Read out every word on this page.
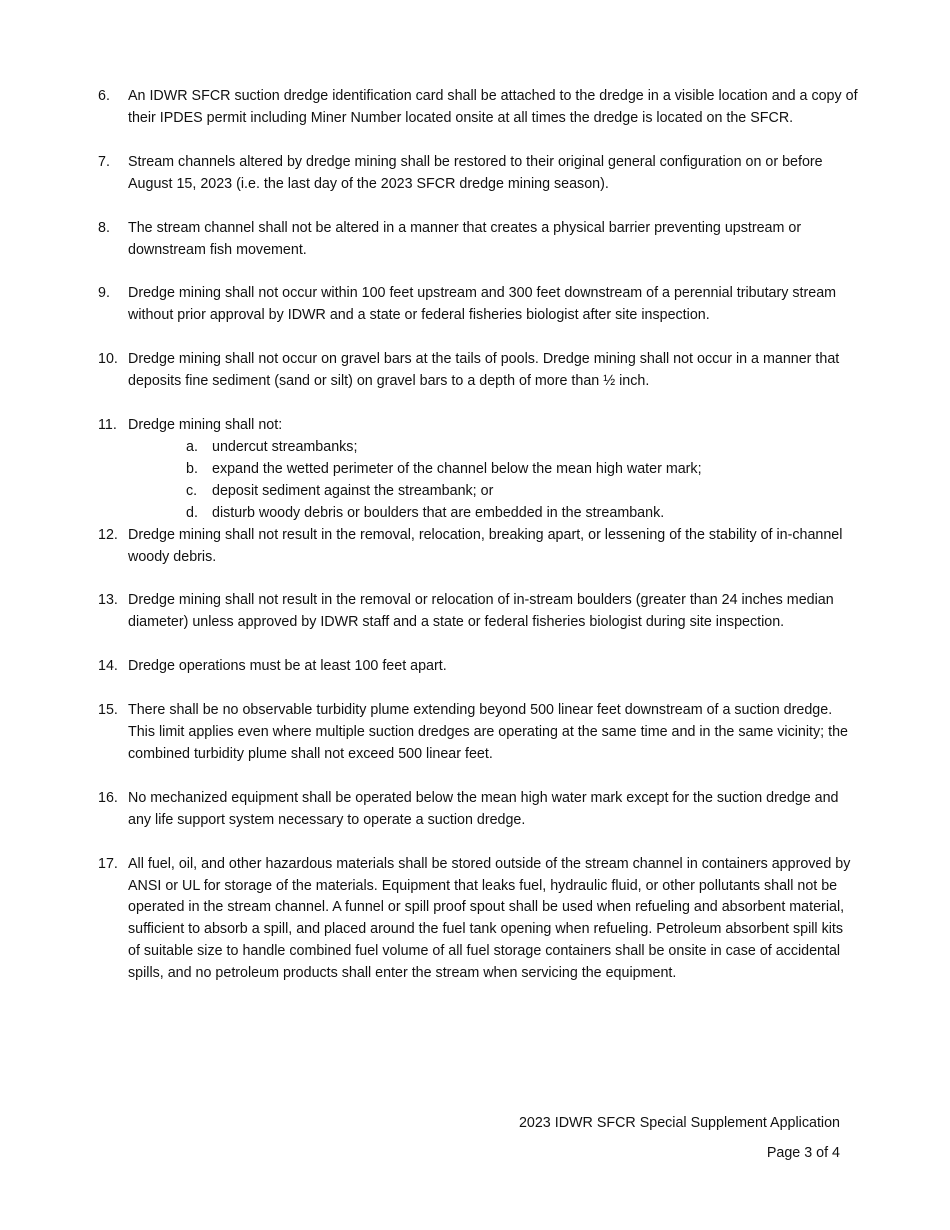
6. An IDWR SFCR suction dredge identification card shall be attached to the dredge in a visible location and a copy of their IPDES permit including Miner Number located onsite at all times the dredge is located on the SFCR.
7. Stream channels altered by dredge mining shall be restored to their original general configuration on or before August 15, 2023 (i.e. the last day of the 2023 SFCR dredge mining season).
8. The stream channel shall not be altered in a manner that creates a physical barrier preventing upstream or downstream fish movement.
9. Dredge mining shall not occur within 100 feet upstream and 300 feet downstream of a perennial tributary stream without prior approval by IDWR and a state or federal fisheries biologist after site inspection.
10. Dredge mining shall not occur on gravel bars at the tails of pools. Dredge mining shall not occur in a manner that deposits fine sediment (sand or silt) on gravel bars to a depth of more than ½ inch.
11. Dredge mining shall not:
a. undercut streambanks;
b. expand the wetted perimeter of the channel below the mean high water mark;
c. deposit sediment against the streambank; or
d. disturb woody debris or boulders that are embedded in the streambank.
12. Dredge mining shall not result in the removal, relocation, breaking apart, or lessening of the stability of in-channel woody debris.
13. Dredge mining shall not result in the removal or relocation of in-stream boulders (greater than 24 inches median diameter) unless approved by IDWR staff and a state or federal fisheries biologist during site inspection.
14. Dredge operations must be at least 100 feet apart.
15. There shall be no observable turbidity plume extending beyond 500 linear feet downstream of a suction dredge. This limit applies even where multiple suction dredges are operating at the same time and in the same vicinity; the combined turbidity plume shall not exceed 500 linear feet.
16. No mechanized equipment shall be operated below the mean high water mark except for the suction dredge and any life support system necessary to operate a suction dredge.
17. All fuel, oil, and other hazardous materials shall be stored outside of the stream channel in containers approved by ANSI or UL for storage of the materials. Equipment that leaks fuel, hydraulic fluid, or other pollutants shall not be operated in the stream channel. A funnel or spill proof spout shall be used when refueling and absorbent material, sufficient to absorb a spill, and placed around the fuel tank opening when refueling. Petroleum absorbent spill kits of suitable size to handle combined fuel volume of all fuel storage containers shall be onsite in case of accidental spills, and no petroleum products shall enter the stream when servicing the equipment.
2023 IDWR SFCR Special Supplement Application
Page 3 of 4
